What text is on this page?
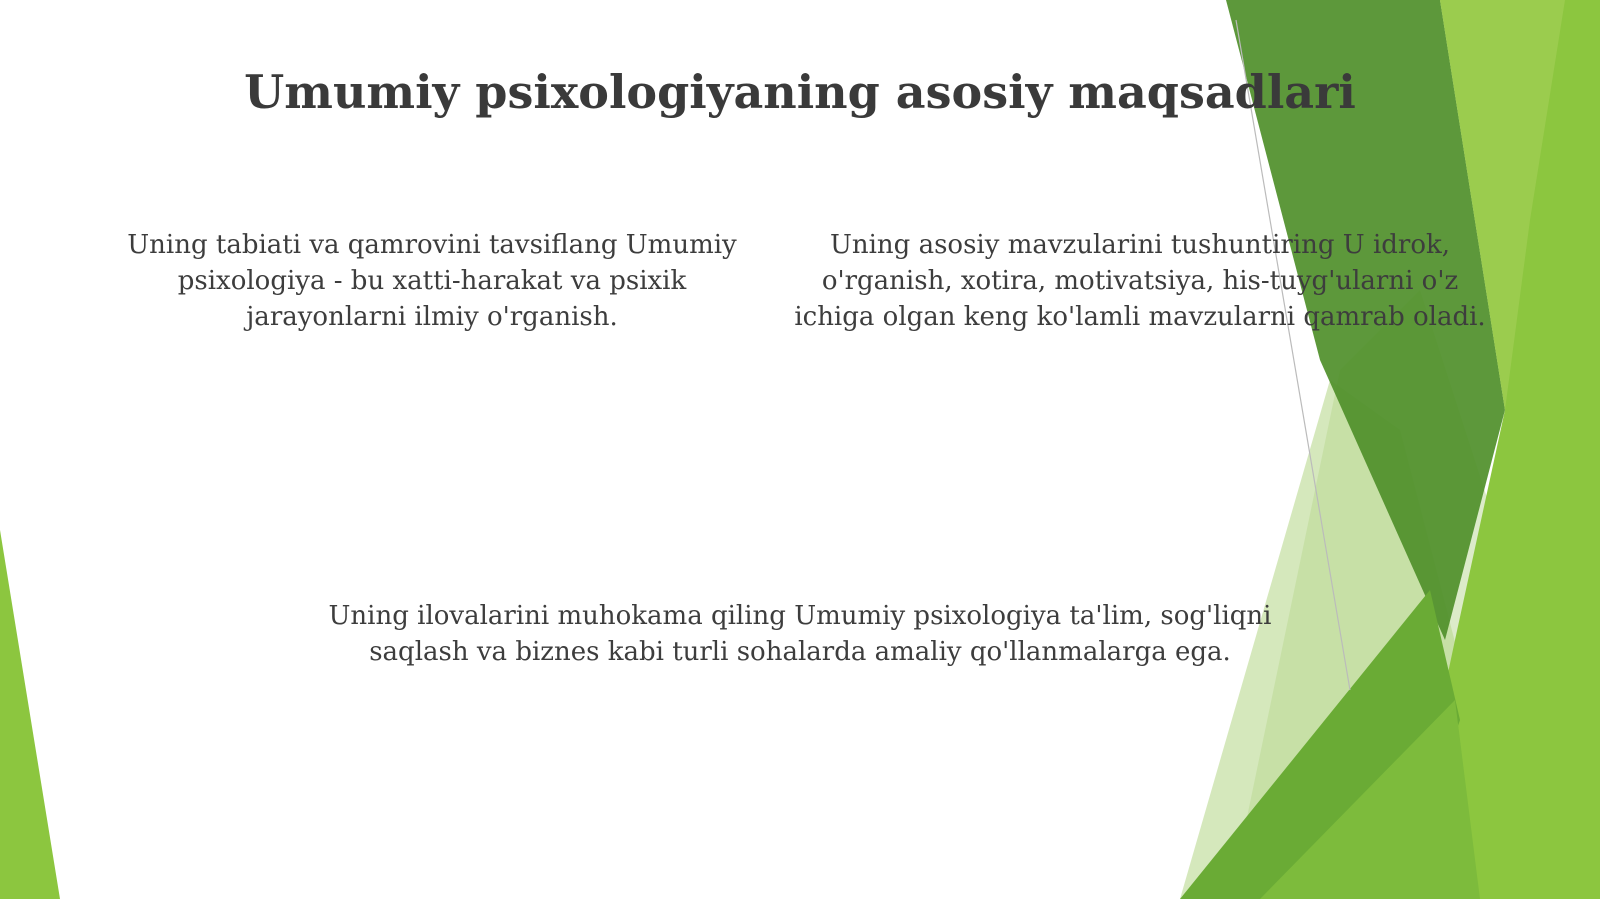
Umumiy psixologiyaning asosiy maqsadlari
Uning tabiati va qamrovini tavsiflang Umumiy psixologiya - bu xatti-harakat va psixik jarayonlarni ilmiy o'rganish.
Uning asosiy mavzularini tushuntiring U idrok, o'rganish, xotira, motivatsiya, his-tuyg'ularni o'z ichiga olgan keng ko'lamli mavzularni qamrab oladi.
Uning ilovalarini muhokama qiling Umumiy psixologiya ta'lim, sog'liqni saqlash va biznes kabi turli sohalarda amaliy qo'llanmalarga ega.
